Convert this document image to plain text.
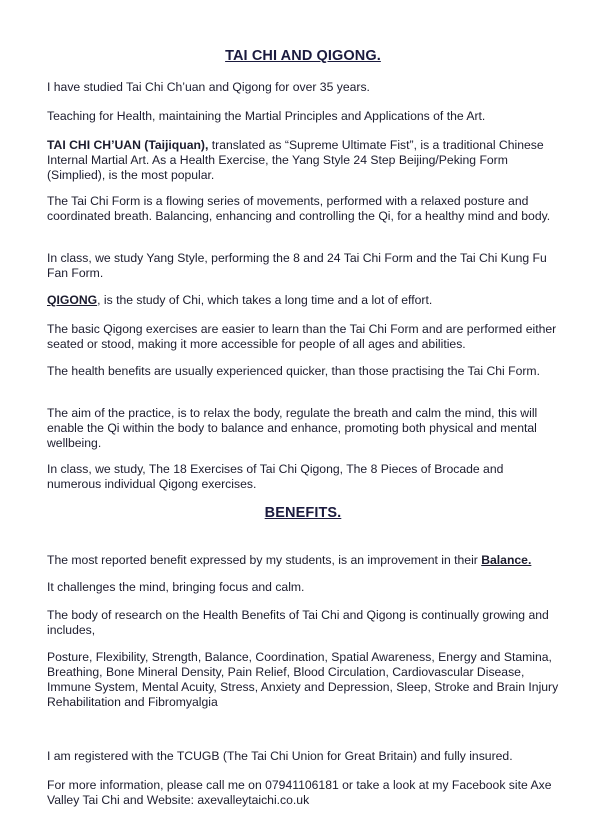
TAI CHI AND QIGONG.

I have studied Tai Chi Ch’uan and Qigong for over 35 years.

Teaching for Health, maintaining the Martial Principles and Applications of the Art.

TAI CHI CH’UAN (Taijiquan), translated as “Supreme Ultimate Fist”, is a traditional Chinese Internal Martial Art. As a Health Exercise, the Yang Style 24 Step Beijing/Peking Form (Simplied), is the most popular.

The Tai Chi Form is a flowing series of movements, performed with a relaxed posture and coordinated breath. Balancing, enhancing and controlling the Qi, for a healthy mind and body.

In class, we study Yang Style, performing the 8 and 24 Tai Chi Form and the Tai Chi Kung Fu Fan Form.

QIGONG, is the study of Chi, which takes a long time and a lot of effort.

The basic Qigong exercises are easier to learn than the Tai Chi Form and are performed either seated or stood, making it more accessible for people of all ages and abilities.

The health benefits are usually experienced quicker, than those practising the Tai Chi Form.

The aim of the practice, is to relax the body, regulate the breath and calm the mind, this will enable the Qi within the body to balance and enhance, promoting both physical and mental wellbeing.

In class, we study, The 18 Exercises of Tai Chi Qigong, The 8 Pieces of Brocade and numerous individual Qigong exercises.

BENEFITS.

The most reported benefit expressed by my students, is an improvement in their Balance.

It challenges the mind, bringing focus and calm.

The body of research on the Health Benefits of Tai Chi and Qigong is continually growing and includes,

Posture, Flexibility, Strength, Balance, Coordination, Spatial Awareness, Energy and Stamina, Breathing, Bone Mineral Density, Pain Relief, Blood Circulation, Cardiovascular Disease, Immune System, Mental Acuity, Stress, Anxiety and Depression, Sleep, Stroke and Brain Injury Rehabilitation and Fibromyalgia

I am registered with the TCUGB (The Tai Chi Union for Great Britain) and fully insured.

For more information, please call me on 07941106181 or take a look at my Facebook site Axe Valley Tai Chi and Website: axevalleytaichi.co.uk
